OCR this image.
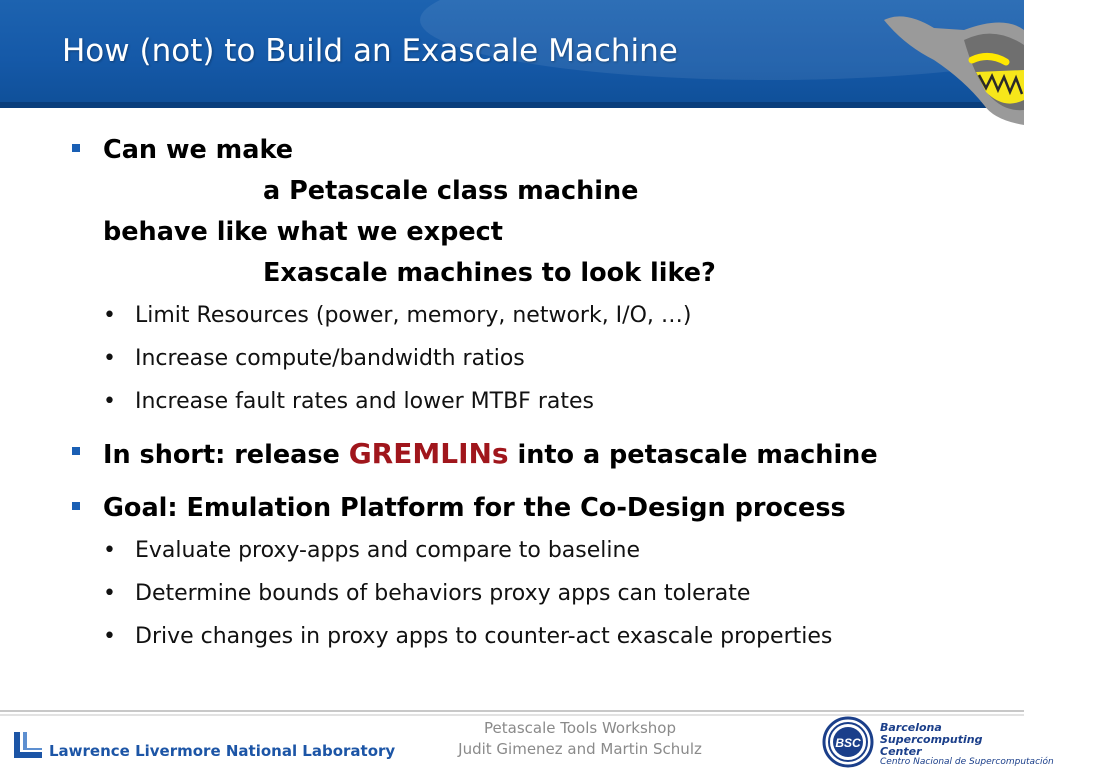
How (not) to Build an Exascale Machine
Can we make
a Petascale class machine
behave like what we expect
Exascale machines to look like?
• Limit Resources (power, memory, network, I/O, …)
• Increase compute/bandwidth ratios
• Increase fault rates and lower MTBF rates
In short: release GREMLINs into a petascale machine
Goal: Emulation Platform for the Co-Design process
• Evaluate proxy-apps and compare to baseline
• Determine bounds of behaviors proxy apps can tolerate
• Drive changes in proxy apps to counter-act exascale properties
Lawrence Livermore National Laboratory
Petascale Tools Workshop
Judit Gimenez and Martin Schulz	BSC
Barcelona
Supercomputing
Center
Centro Nacional de Supercomputación
